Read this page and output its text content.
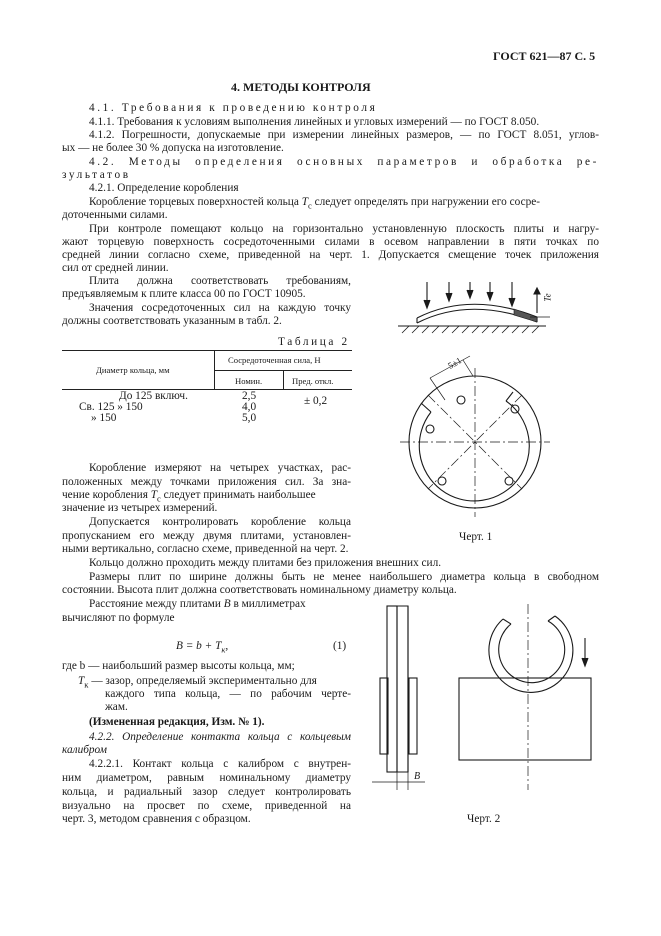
ГОСТ 621—87 С. 5
4. МЕТОДЫ КОНТРОЛЯ
4.1. Требования к проведению контроля
4.1.1. Требования к условиям выполнения линейных и угловых измерений — по ГОСТ 8.050.
4.1.2. Погрешности, допускаемые при измерении линейных размеров, — по ГОСТ 8.051, углов-
ых — не более 30 % допуска на изготовление.
4.2. Методы определения основных параметров и обработка ре-
зультатов
4.2.1. Определение коробления
Коробление торцевых поверхностей кольца $T_с$ следует определять при нагружении его сосре-
доточенными силами.
При контроле помещают кольцо на горизонтально установленную плоскость плиты и нагру-
жают торцевую поверхность сосредоточенными силами в осевом направлении в пяти точках по
средней линии согласно схеме, приведенной на черт. 1. Допускается смещение точек приложения
сил от средней линии.
Плита должна соответствовать требованиям,
предъявляемым к плите класса 00 по ГОСТ 10905.
Значения сосредоточенных сил на каждую точку
должны соответствовать указанным в табл. 2.
Таблица 2
Диаметр кольца, мм
Сосредоточенная сила, Н
Номин.	Пред. откл.
До 125 включ.
Св. 125 » 150
» 150
2,5
4,0
5,0
± 0,2
Коробление измеряют на четырех участках, рас-
положенных между точками приложения сил. За зна-
чение коробления $T_с$ следует принимать наибольшее
значение из четырех измерений.
Допускается контролировать коробление кольца
пропусканием его между двумя плитами, установлен-
ными вертикально, согласно схеме, приведенной на черт. 2.
Кольцо должно проходить между плитами без приложения внешних сил.
Размеры плит по ширине должны быть не менее наибольшего диаметра кольца в свободном
состоянии. Высота плит должна соответствовать номинальному диаметру кольца.
Расстояние между плитами B в миллиметрах
вычисляют по формуле
$B = b + T_к$,	(1)
где b — наибольший размер высоты кольца, мм;
$T_к$ — зазор, определяемый экспериментально для
каждого типа кольца, — по рабочим черте-
жам.
(Измененная редакция, Изм. № 1).
4.2.2. Определение контакта кольца с кольцевым
калибром
4.2.2.1. Контакт кольца с калибром с внутрен-
ним диаметром, равным номинальному диаметру
кольца, и радиальный зазор следует контролировать
визуально на просвет по схеме, приведенной на
черт. 3, методом сравнения с образцом.
Te
5±1
B
Черт. 1
Черт. 2
